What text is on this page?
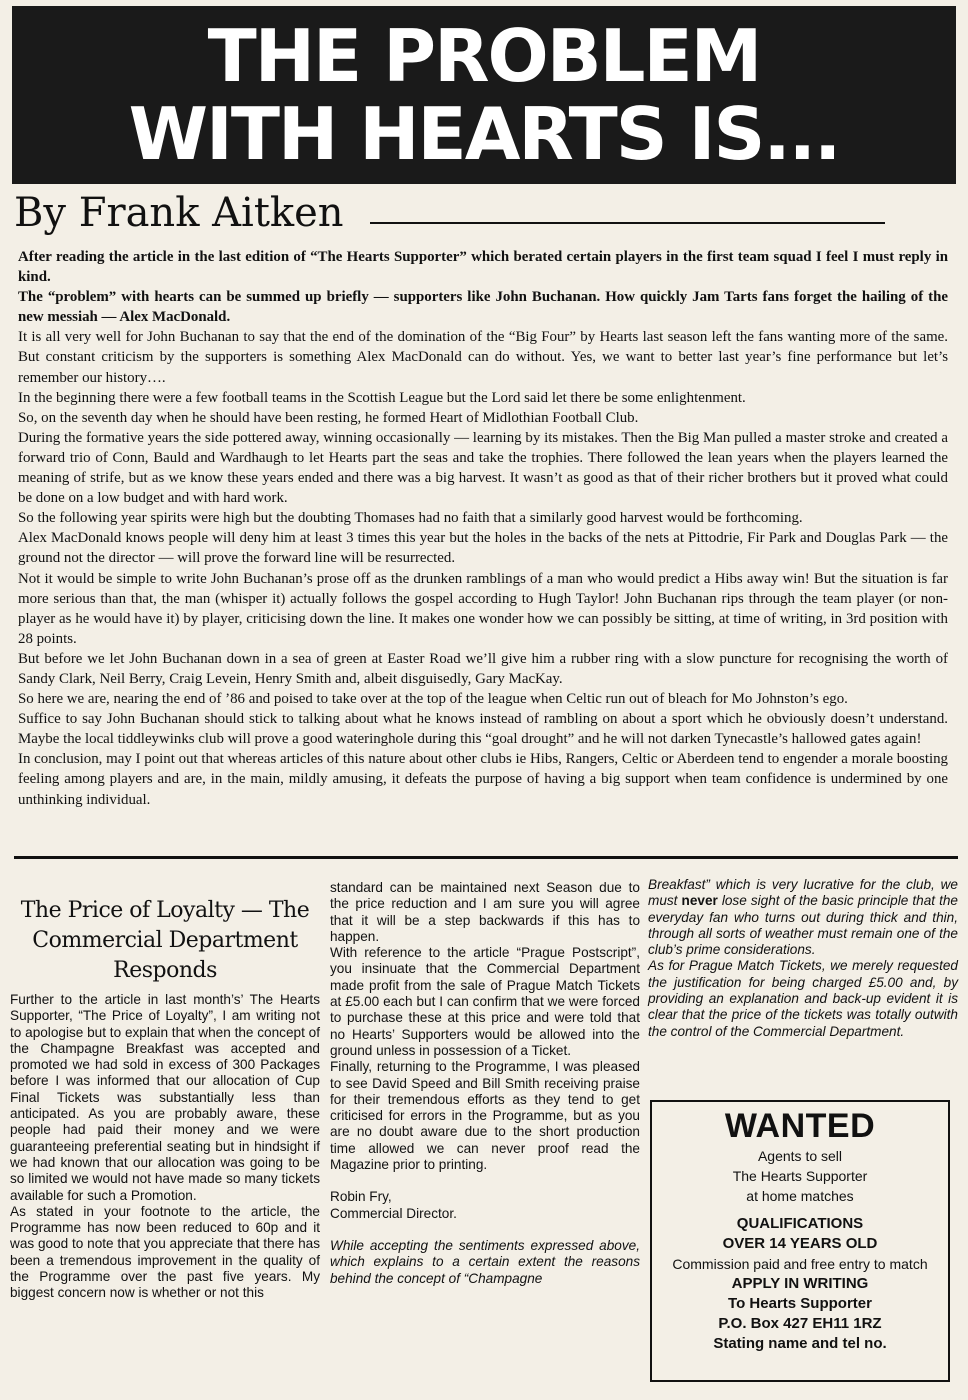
THE PROBLEM
WITH HEARTS IS...
By Frank Aitken

After reading the article in the last edition of “The Hearts Supporter” which berated certain players in the first team squad I feel I must reply in kind.

The “problem” with hearts can be summed up briefly — supporters like John Buchanan. How quickly Jam Tarts fans forget the hailing of the new messiah — Alex MacDonald.

It is all very well for John Buchanan to say that the end of the domination of the “Big Four” by Hearts last season left the fans wanting more of the same. But constant criticism by the supporters is something Alex MacDonald can do without. Yes, we want to better last year’s fine performance but let’s remember our history….

In the beginning there were a few football teams in the Scottish League but the Lord said let there be some enlightenment.

So, on the seventh day when he should have been resting, he formed Heart of Midlothian Football Club.

During the formative years the side pottered away, winning occasionally — learning by its mistakes. Then the Big Man pulled a master stroke and created a forward trio of Conn, Bauld and Wardhaugh to let Hearts part the seas and take the trophies. There followed the lean years when the players learned the meaning of strife, but as we know these years ended and there was a big harvest. It wasn’t as good as that of their richer brothers but it proved what could be done on a low budget and with hard work.

So the following year spirits were high but the doubting Thomases had no faith that a similarly good harvest would be forthcoming.

Alex MacDonald knows people will deny him at least 3 times this year but the holes in the backs of the nets at Pittodrie, Fir Park and Douglas Park — the ground not the director — will prove the forward line will be resurrected.

Not it would be simple to write John Buchanan’s prose off as the drunken ramblings of a man who would predict a Hibs away win! But the situation is far more serious than that, the man (whisper it) actually follows the gospel according to Hugh Taylor! John Buchanan rips through the team player (or non-player as he would have it) by player, criticising down the line. It makes one wonder how we can possibly be sitting, at time of writing, in 3rd position with 28 points.

But before we let John Buchanan down in a sea of green at Easter Road we’ll give him a rubber ring with a slow puncture for recognising the worth of Sandy Clark, Neil Berry, Craig Levein, Henry Smith and, albeit disguisedly, Gary MacKay.

So here we are, nearing the end of ’86 and poised to take over at the top of the league when Celtic run out of bleach for Mo Johnston’s ego.

Suffice to say John Buchanan should stick to talking about what he knows instead of rambling on about a sport which he obviously doesn’t understand. Maybe the local tiddleywinks club will prove a good wateringhole during this “goal drought” and he will not darken Tynecastle’s hallowed gates again!

In conclusion, may I point out that whereas articles of this nature about other clubs ie Hibs, Rangers, Celtic or Aberdeen tend to engender a morale boosting feeling among players and are, in the main, mildly amusing, it defeats the purpose of having a big support when team confidence is undermined by one unthinking individual.

The Price of Loyalty — The Commercial Department Responds

Further to the article in last month’s’ The Hearts Supporter, “The Price of Loyalty”, I am writing not to apologise but to explain that when the concept of the Champagne Breakfast was accepted and promoted we had sold in excess of 300 Packages before I was informed that our allocation of Cup Final Tickets was substantially less than anticipated. As you are probably aware, these people had paid their money and we were guaranteeing preferential seating but in hindsight if we had known that our allocation was going to be so limited we would not have made so many tickets available for such a Promotion.

As stated in your footnote to the article, the Programme has now been reduced to 60p and it was good to note that you appreciate that there has been a tremendous improvement in the quality of the Programme over the past five years. My biggest concern now is whether or not this

standard can be maintained next Season due to the price reduction and I am sure you will agree that it will be a step backwards if this has to happen.

With reference to the article “Prague Postscript”, you insinuate that the Commercial Department made profit from the sale of Prague Match Tickets at £5.00 each but I can confirm that we were forced to purchase these at this price and were told that no Hearts’ Supporters would be allowed into the ground unless in possession of a Ticket.

Finally, returning to the Programme, I was pleased to see David Speed and Bill Smith receiving praise for their tremendous efforts as they tend to get criticised for errors in the Programme, but as you are no doubt aware due to the short production time allowed we can never proof read the Magazine prior to printing.

Robin Fry,

Commercial Director.

While accepting the sentiments expressed above, which explains to a certain extent the reasons behind the concept of “Champagne

Breakfast” which is very lucrative for the club, we must never lose sight of the basic principle that the everyday fan who turns out during thick and thin, through all sorts of weather must remain one of the club’s prime considerations.

As for Prague Match Tickets, we merely requested the justification for being charged £5.00 and, by providing an explanation and back-up evident it is clear that the price of the tickets was totally outwith the control of the Commercial Department.

WANTED
Agents to sell
The Hearts Supporter
at home matches
QUALIFICATIONS
OVER 14 YEARS OLD
Commission paid and free entry to match
APPLY IN WRITING
To Hearts Supporter
P.O. Box 427 EH11 1RZ
Stating name and tel no.
